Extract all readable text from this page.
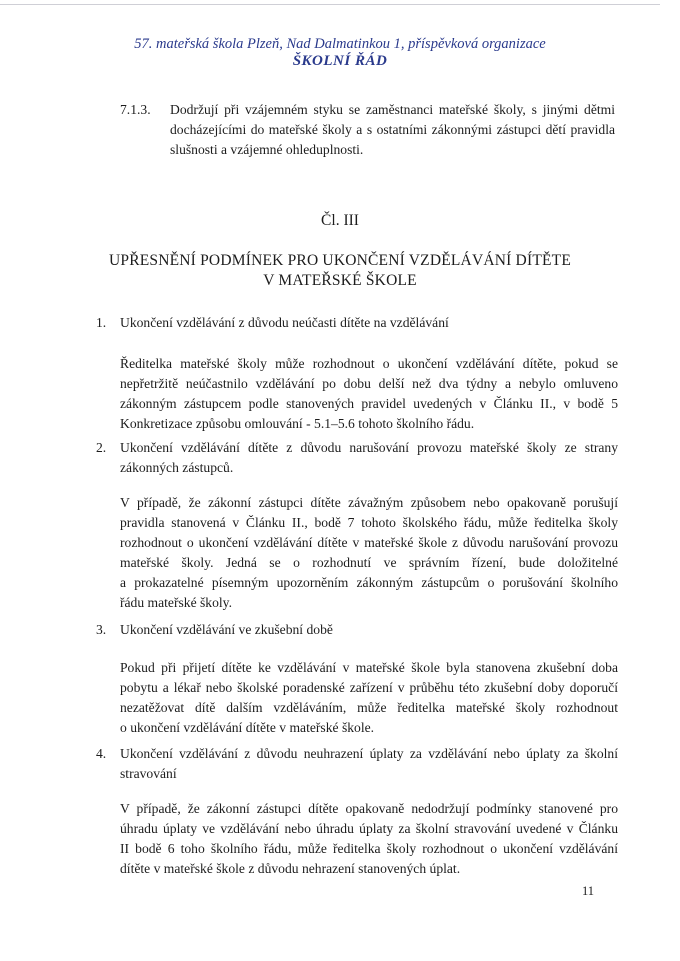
57. mateřská škola Plzeň, Nad Dalmatinkou 1, příspěvková organizace
ŠKOLNÍ ŘÁD
7.1.3. Dodržují při vzájemném styku se zaměstnanci mateřské školy, s jinými dětmi
docházejícími do mateřské školy a s ostatními zákonnými zástupci dětí pravidla
slušnosti a vzájemné ohleduplnosti.
Čl. III
UPŘESNĚNÍ PODMÍNEK PRO UKONČENÍ VZDĚLÁVÁNÍ DÍTĚTE
V MATEŘSKÉ ŠKOLE
1. Ukončení vzdělávání z důvodu neúčasti dítěte na vzdělávání
Ředitelka mateřské školy může rozhodnout o ukončení vzdělávání dítěte, pokud se
nepřetržitě neúčastnilo vzdělávání po dobu delší než dva týdny a nebylo omluveno
zákonným zástupcem podle stanovených pravidel uvedených v Článku II., v bodě 5
Konkretizace způsobu omlouvání - 5.1–5.6 tohoto školního řádu.
2. Ukončení vzdělávání dítěte z důvodu narušování provozu mateřské školy ze strany
zákonných zástupců.
V případě, že zákonní zástupci dítěte závažným způsobem nebo opakovaně porušují
pravidla stanovená v Článku II., bodě 7 tohoto školského řádu, může ředitelka školy
rozhodnout o ukončení vzdělávání dítěte v mateřské škole z důvodu narušování provozu
mateřské školy. Jedná se o rozhodnutí ve správním řízení, bude doložitelné
a prokazatelné písemným upozorněním zákonným zástupcům o porušování školního
řádu mateřské školy.
3. Ukončení vzdělávání ve zkušební době
Pokud při přijetí dítěte ke vzdělávání v mateřské škole byla stanovena zkušební doba
pobytu a lékař nebo školské poradenské zařízení v průběhu této zkušební doby doporučí
nezatěžovat dítě dalším vzděláváním, může ředitelka mateřské školy rozhodnout
o ukončení vzdělávání dítěte v mateřské škole.
4. Ukončení vzdělávání z důvodu neuhrazení úplaty za vzdělávání nebo úplaty za školní
stravování
V případě, že zákonní zástupci dítěte opakovaně nedodržují podmínky stanovené pro
úhradu úplaty ve vzdělávání nebo úhradu úplaty za školní stravování uvedené v Článku
II bodě 6 toho školního řádu, může ředitelka školy rozhodnout o ukončení vzdělávání
dítěte v mateřské škole z důvodu nehrazení stanovených úplat.
11
